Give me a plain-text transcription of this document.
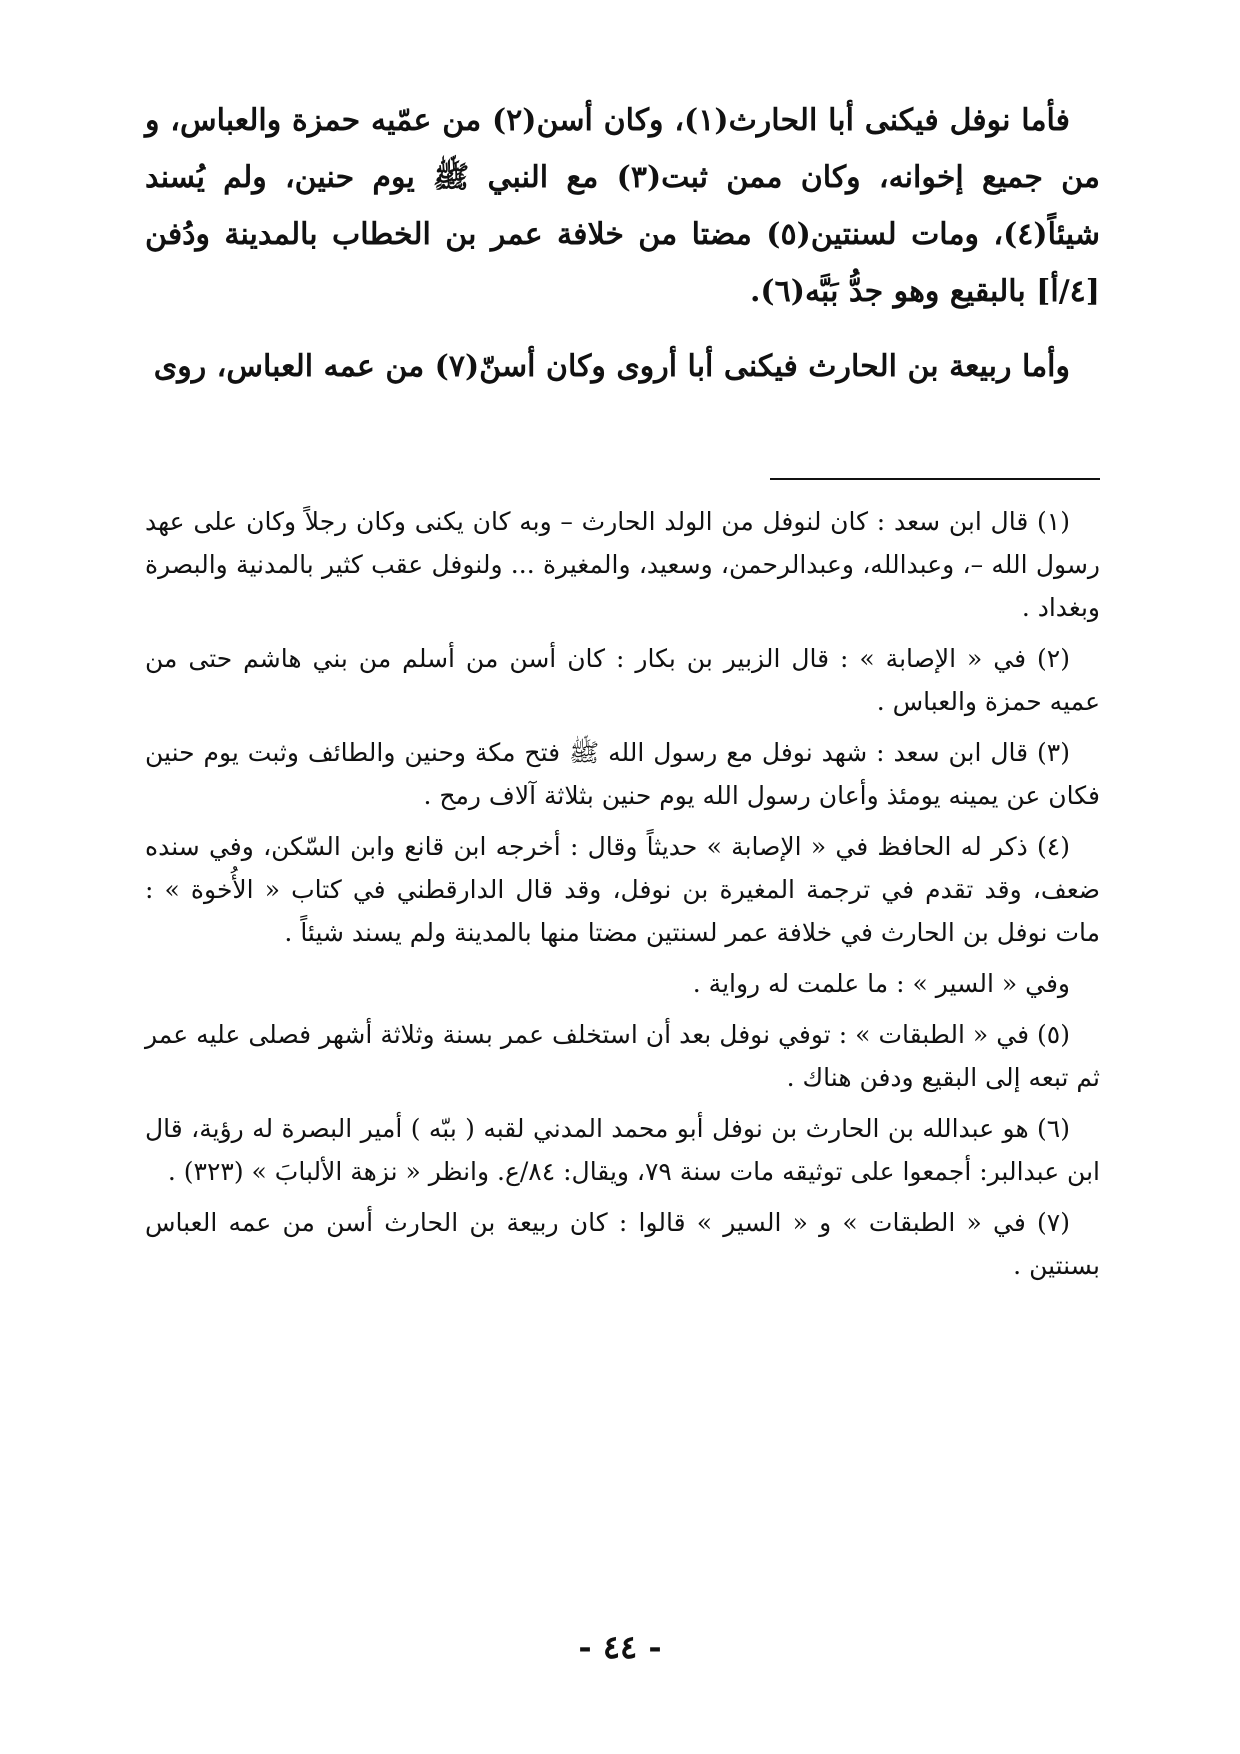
فأما نوفل فيكنى أبا الحارث(١)، وكان أسن(٢) من عمّيه حمزة والعباس، و من جميع إخوانه، وكان ممن ثبت(٣) مع النبي ﷺ يوم حنين، ولم يُسند شيئاً(٤)، ومات لسنتين(٥) مضتا من خلافة عمر بن الخطاب بالمدينة ودُفن [٤/أ] بالبقيع وهو جدُّ بَبَّه(٦).

وأما ربيعة بن الحارث فيكنى أبا أروى وكان أسنّ(٧) من عمه العباس، روى

(١) قال ابن سعد : كان لنوفل من الولد الحارث – وبه كان يكنى وكان رجلاً وكان على عهد رسول الله –، وعبدالله، وعبدالرحمن، وسعيد، والمغيرة ... ولنوفل عقب كثير بالمدنية والبصرة وبغداد .

(٢) في « الإصابة » : قال الزبير بن بكار : كان أسن من أسلم من بني هاشم حتى من عميه حمزة والعباس .

(٣) قال ابن سعد : شهد نوفل مع رسول الله ﷺ فتح مكة وحنين والطائف وثبت يوم حنين فكان عن يمينه يومئذ وأعان رسول الله يوم حنين بثلاثة آلاف رمح .

(٤) ذكر له الحافظ في « الإصابة » حديثاً وقال : أخرجه ابن قانع وابن السّكن، وفي سنده ضعف، وقد تقدم في ترجمة المغيرة بن نوفل، وقد قال الدارقطني في كتاب « الأُخوة » : مات نوفل بن الحارث في خلافة عمر لسنتين مضتا منها بالمدينة ولم يسند شيئاً .

وفي « السير » : ما علمت له رواية .

(٥) في « الطبقات » : توفي نوفل بعد أن استخلف عمر بسنة وثلاثة أشهر فصلى عليه عمر ثم تبعه إلى البقيع ودفن هناك .

(٦) هو عبدالله بن الحارث بن نوفل أبو محمد المدني لقبه ( ببّه ) أمير البصرة له رؤية، قال ابن عبدالبر: أجمعوا على توثيقه مات سنة ٧٩، ويقال: ٨٤/ع. وانظر « نزهة الألبابَ » (٣٢٣) .

(٧) في « الطبقات » و « السير » قالوا : كان ربيعة بن الحارث أسن من عمه العباس بسنتين .

- ٤٤ -
